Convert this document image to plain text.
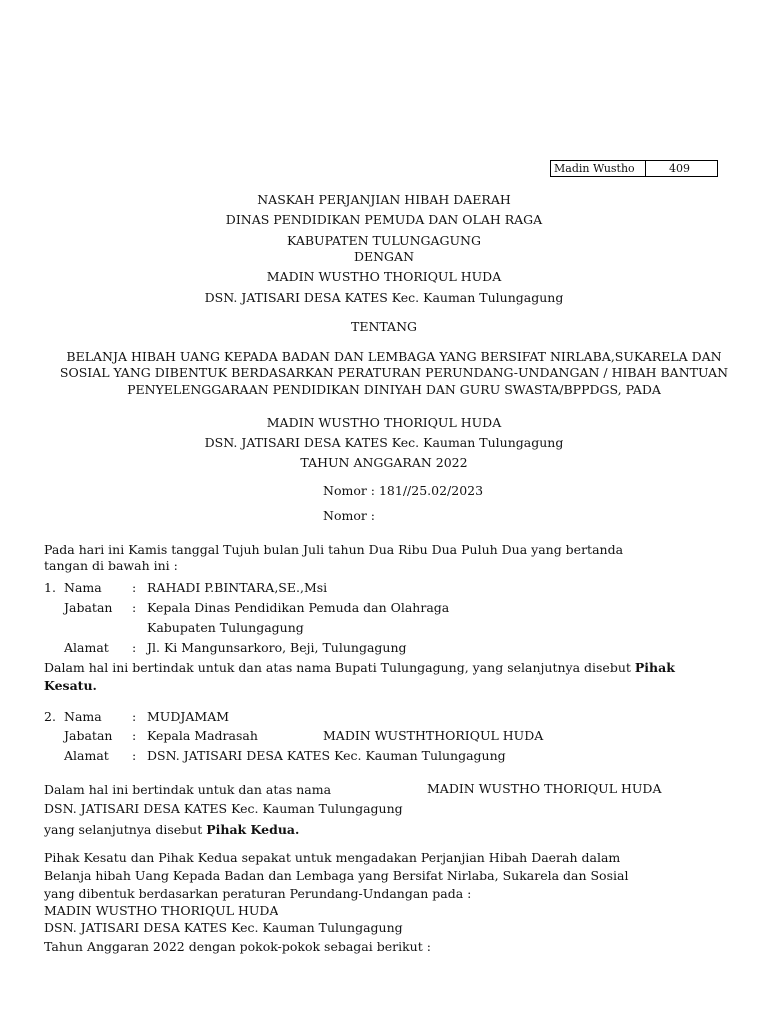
Madin Wustho	409
NASKAH PERJANJIAN HIBAH DAERAH
DINAS PENDIDIKAN PEMUDA DAN OLAH RAGA
KABUPATEN TULUNGAGUNG
DENGAN
MADIN WUSTHO THORIQUL HUDA
DSN. JATISARI DESA KATES Kec. Kauman Tulungagung
TENTANG
BELANJA HIBAH UANG KEPADA BADAN DAN LEMBAGA YANG BERSIFAT NIRLABA,SUKARELA DAN SOSIAL YANG DIBENTUK BERDASARKAN PERATURAN PERUNDANG-UNDANGAN / HIBAH BANTUAN PENYELENGGARAAN PENDIDIKAN DINIYAH DAN GURU SWASTA/BPPDGS, PADA
MADIN WUSTHO THORIQUL HUDA
DSN. JATISARI DESA KATES Kec. Kauman Tulungagung
TAHUN ANGGARAN 2022
Nomor : 181//25.02/2023
Nomor :
Pada hari ini Kamis tanggal Tujuh bulan Juli tahun Dua Ribu Dua Puluh Dua yang bertanda
tangan di bawah ini :
1. Nama : RAHADI P.BINTARA,SE.,Msi
Jabatan : Kepala Dinas Pendidikan Pemuda dan Olahraga
Kabupaten Tulungagung
Alamat : Jl. Ki Mangunsarkoro, Beji, Tulungagung
Dalam hal ini bertindak untuk dan atas nama Bupati Tulungagung, yang selanjutnya disebut Pihak
Kesatu.
2. Nama : MUDJAMAM
Jabatan : Kepala Madrasah	MADIN WUSTHTHORIQUL HUDA
Alamat : DSN. JATISARI DESA KATES Kec. Kauman Tulungagung
Dalam hal ini bertindak untuk dan atas nama	MADIN WUSTHO THORIQUL HUDA
DSN. JATISARI DESA KATES Kec. Kauman Tulungagung
yang selanjutnya disebut Pihak Kedua.
Pihak Kesatu dan Pihak Kedua sepakat untuk mengadakan Perjanjian Hibah Daerah dalam
Belanja hibah Uang Kepada Badan dan Lembaga yang Bersifat Nirlaba, Sukarela dan Sosial
yang dibentuk berdasarkan peraturan Perundang-Undangan pada :
MADIN WUSTHO THORIQUL HUDA
DSN. JATISARI DESA KATES Kec. Kauman Tulungagung
Tahun Anggaran 2022 dengan pokok-pokok sebagai berikut :
